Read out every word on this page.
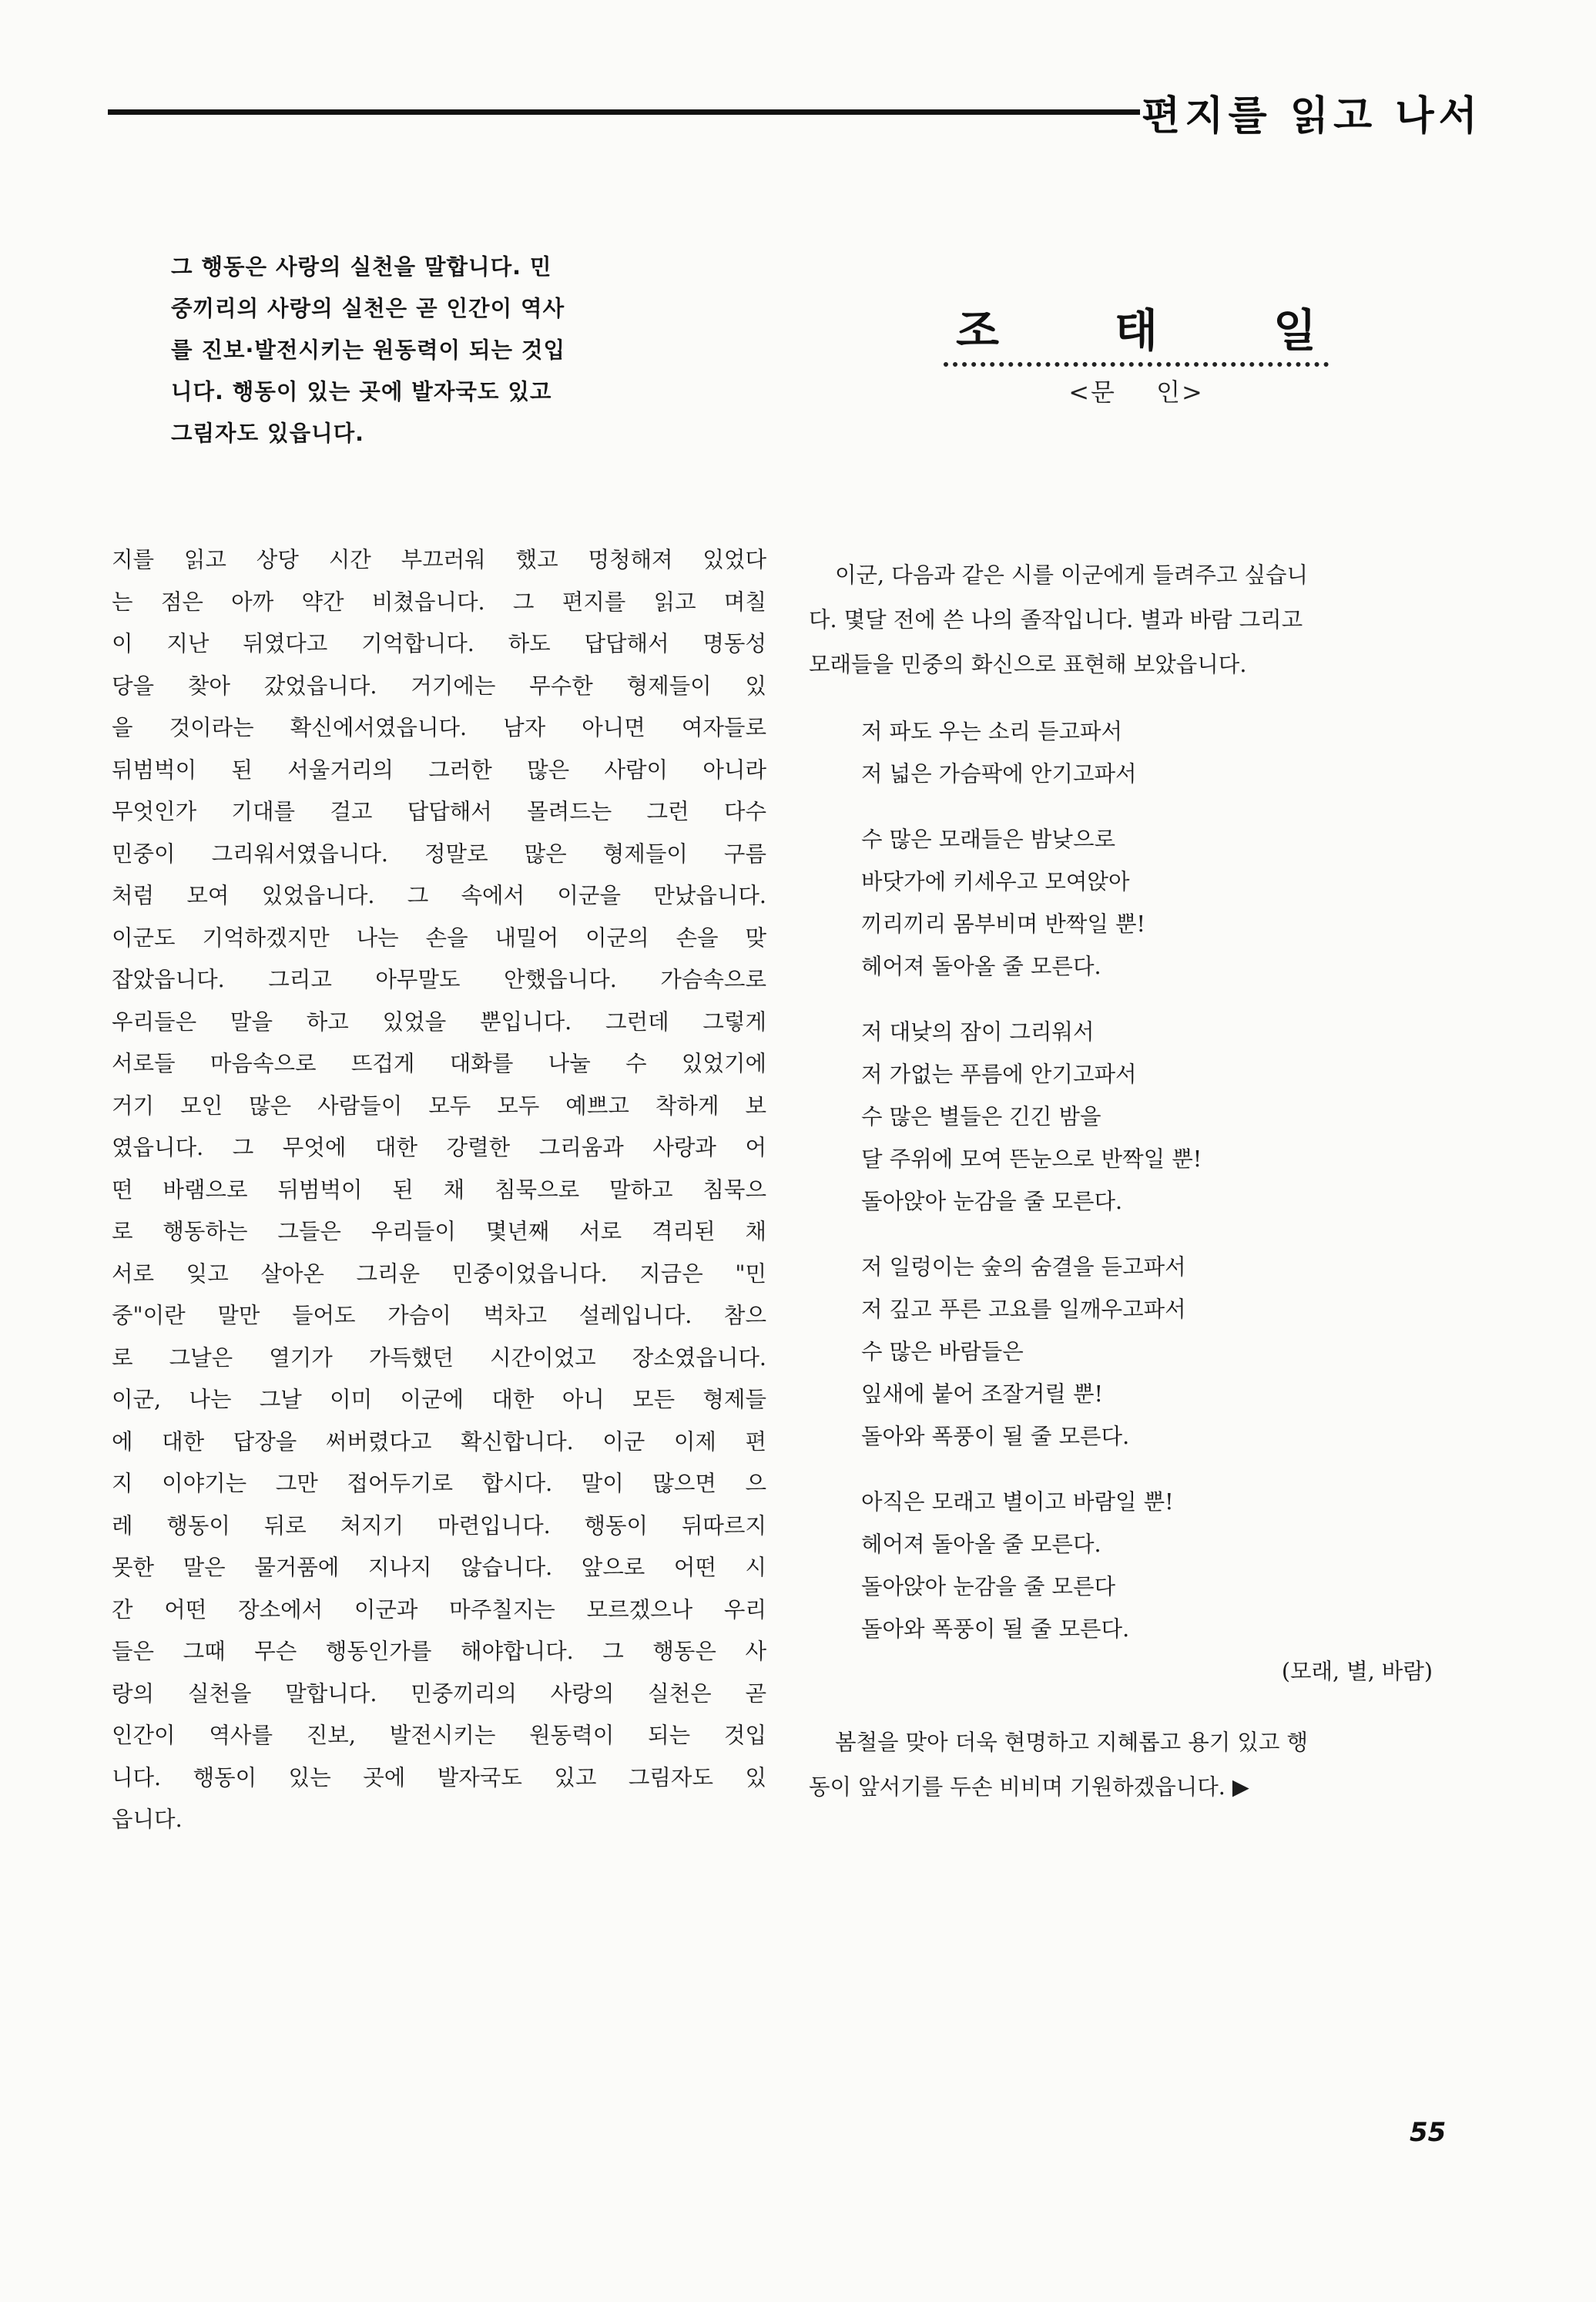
편지를 읽고 나서
그 행동은 사랑의 실천을 말합니다. 민
중끼리의 사랑의 실천은 곧 인간이 역사
를 진보·발전시키는 원동력이 되는 것입
니다. 행동이 있는 곳에 발자국도 있고
그림자도 있읍니다.
조태일
<문 인>
지를 읽고 상당 시간 부끄러워 했고 멍청해져 있었다
는 점은 아까 약간 비쳤읍니다. 그 편지를 읽고 며칠
이 지난 뒤였다고 기억합니다. 하도 답답해서 명동성
당을 찾아 갔었읍니다. 거기에는 무수한 형제들이 있
을 것이라는 확신에서였읍니다. 남자 아니면 여자들로
뒤범벅이 된 서울거리의 그러한 많은 사람이 아니라
무엇인가 기대를 걸고 답답해서 몰려드는 그런 다수
민중이 그리워서였읍니다. 정말로 많은 형제들이 구름
처럼 모여 있었읍니다. 그 속에서 이군을 만났읍니다.
이군도 기억하겠지만 나는 손을 내밀어 이군의 손을 맞
잡았읍니다. 그리고 아무말도 안했읍니다. 가슴속으로
우리들은 말을 하고 있었을 뿐입니다. 그런데 그렇게
서로들 마음속으로 뜨겁게 대화를 나눌 수 있었기에
거기 모인 많은 사람들이 모두 모두 예쁘고 착하게 보
였읍니다. 그 무엇에 대한 강렬한 그리움과 사랑과 어
떤 바램으로 뒤범벅이 된 채 침묵으로 말하고 침묵으
로 행동하는 그들은 우리들이 몇년째 서로 격리된 채
서로 잊고 살아온 그리운 민중이었읍니다. 지금은 "민
중"이란 말만 들어도 가슴이 벅차고 설레입니다. 참으
로 그날은 열기가 가득했던 시간이었고 장소였읍니다.
이군, 나는 그날 이미 이군에 대한 아니 모든 형제들
에 대한 답장을 써버렸다고 확신합니다. 이군 이제 편
지 이야기는 그만 접어두기로 합시다. 말이 많으면 으
레 행동이 뒤로 처지기 마련입니다. 행동이 뒤따르지
못한 말은 물거품에 지나지 않습니다. 앞으로 어떤 시
간 어떤 장소에서 이군과 마주칠지는 모르겠으나 우리
들은 그때 무슨 행동인가를 해야합니다. 그 행동은 사
랑의 실천을 말합니다. 민중끼리의 사랑의 실천은 곧
인간이 역사를 진보, 발전시키는 원동력이 되는 것입
니다. 행동이 있는 곳에 발자국도 있고 그림자도 있
읍니다.
이군, 다음과 같은 시를 이군에게 들려주고 싶습니
다. 몇달 전에 쓴 나의 졸작입니다. 별과 바람 그리고
모래들을 민중의 화신으로 표현해 보았읍니다.
저 파도 우는 소리 듣고파서
저 넓은 가슴팍에 안기고파서
수 많은 모래들은 밤낮으로
바닷가에 키세우고 모여앉아
끼리끼리 몸부비며 반짝일 뿐!
헤어져 돌아올 줄 모른다.
저 대낮의 잠이 그리워서
저 가없는 푸름에 안기고파서
수 많은 별들은 긴긴 밤을
달 주위에 모여 뜬눈으로 반짝일 뿐!
돌아앉아 눈감을 줄 모른다.
저 일렁이는 숲의 숨결을 듣고파서
저 깊고 푸른 고요를 일깨우고파서
수 많은 바람들은
잎새에 붙어 조잘거릴 뿐!
돌아와 폭풍이 될 줄 모른다.
아직은 모래고 별이고 바람일 뿐!
헤어져 돌아올 줄 모른다.
돌아앉아 눈감을 줄 모른다
돌아와 폭풍이 될 줄 모른다.
(모래, 별, 바람)
봄철을 맞아 더욱 현명하고 지혜롭고 용기 있고 행
동이 앞서기를 두손 비비며 기원하겠읍니다. ▶
55
